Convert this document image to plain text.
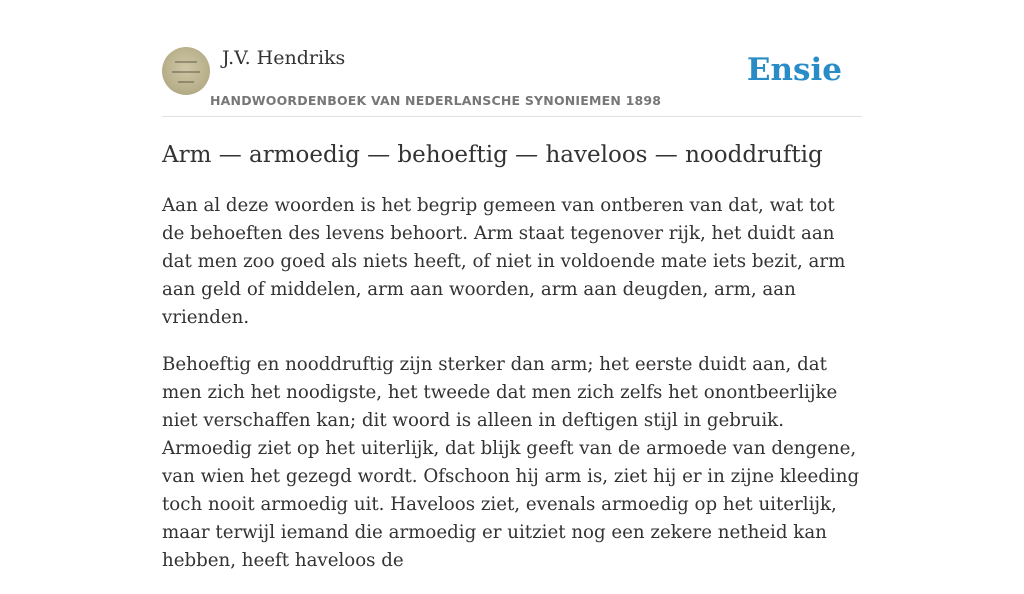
J.V. Hendriks
HANDWOORDENBOEK VAN NEDERLANSCHE SYNONIEMEN 1898
Ensie
Arm — armoedig — behoeftig — haveloos — nooddruftig

Aan al deze woorden is het begrip gemeen van ontberen van dat, wat tot de behoeften des levens behoort. Arm staat tegenover rijk, het duidt aan dat men zoo goed als niets heeft, of niet in voldoende mate iets bezit, arm aan geld of middelen, arm aan woorden, arm aan deugden, arm, aan vrienden.

Behoeftig en nooddruftig zijn sterker dan arm; het eerste duidt aan, dat men zich het noodigste, het tweede dat men zich zelfs het onontbeerlijke niet verschaffen kan; dit woord is alleen in deftigen stijl in gebruik. Armoedig ziet op het uiterlijk, dat blijk geeft van de armoede van dengene, van wien het gezegd wordt. Ofschoon hij arm is, ziet hij er in zijne kleeding toch nooit armoedig uit. Haveloos ziet, evenals armoedig op het uiterlijk, maar terwijl iemand die armoedig er uitziet nog een zekere netheid kan hebben, heeft haveloos de
